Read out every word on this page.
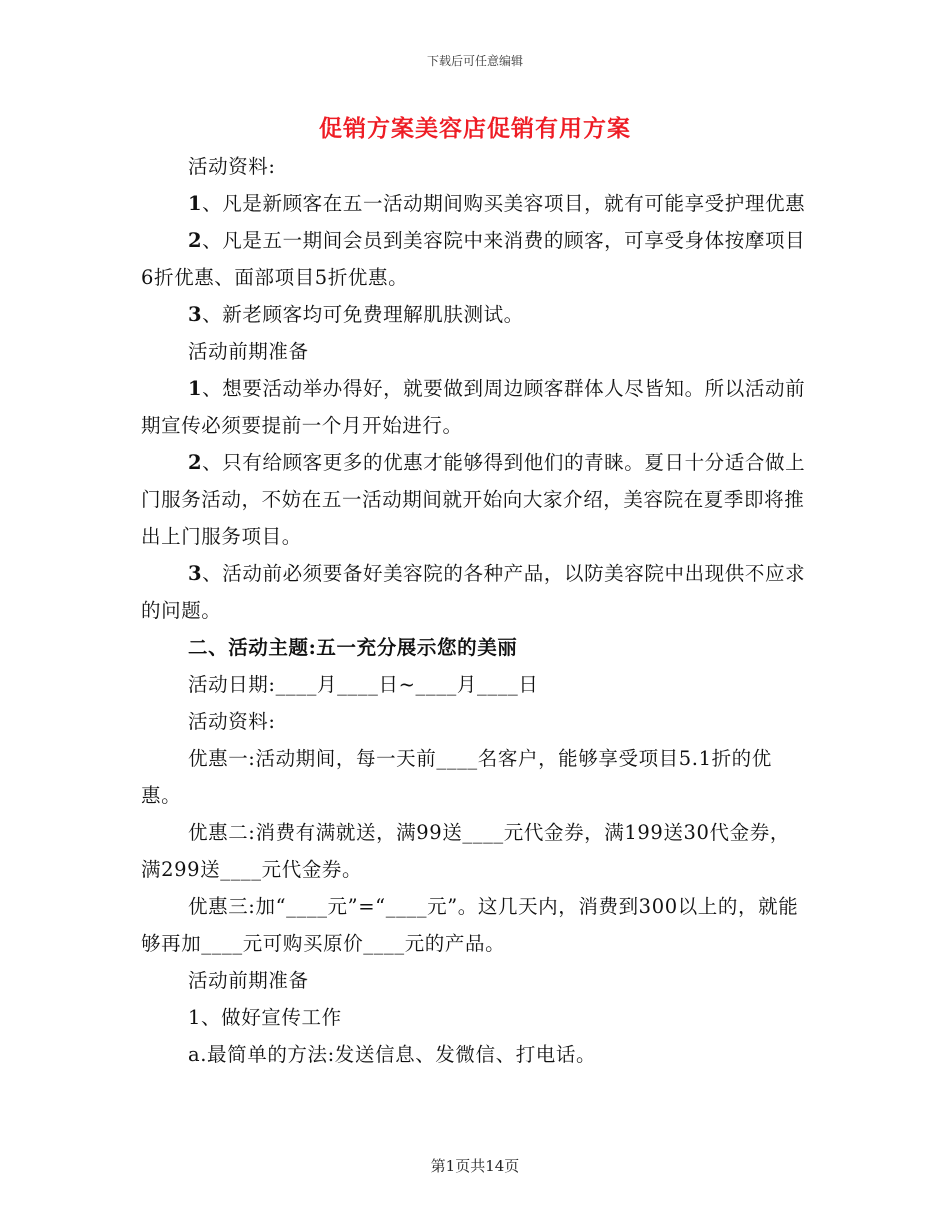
下载后可任意编辑
促销方案美容店促销有用方案

活动资料:

1、凡是新顾客在五一活动期间购买美容项目，就有可能享受护理优惠

2、凡是五一期间会员到美容院中来消费的顾客，可享受身体按摩项目6折优惠、面部项目5折优惠。

3、新老顾客均可免费理解肌肤测试。

活动前期准备

1、想要活动举办得好，就要做到周边顾客群体人尽皆知。所以活动前期宣传必须要提前一个月开始进行。

2、只有给顾客更多的优惠才能够得到他们的青睐。夏日十分适合做上门服务活动，不妨在五一活动期间就开始向大家介绍，美容院在夏季即将推出上门服务项目。

3、活动前必须要备好美容院的各种产品，以防美容院中出现供不应求的问题。

二、活动主题:五一充分展示您的美丽

活动日期:____月____日~____月____日

活动资料:

优惠一:活动期间，每一天前____名客户，能够享受项目5.1折的优惠。

优惠二:消费有满就送，满99送____元代金券，满199送30代金券，满299送____元代金券。

优惠三:加“____元”=“____元”。这几天内，消费到300以上的，就能够再加____元可购买原价____元的产品。

活动前期准备

1、做好宣传工作

a.最简单的方法:发送信息、发微信、打电话。

第1页共14页
